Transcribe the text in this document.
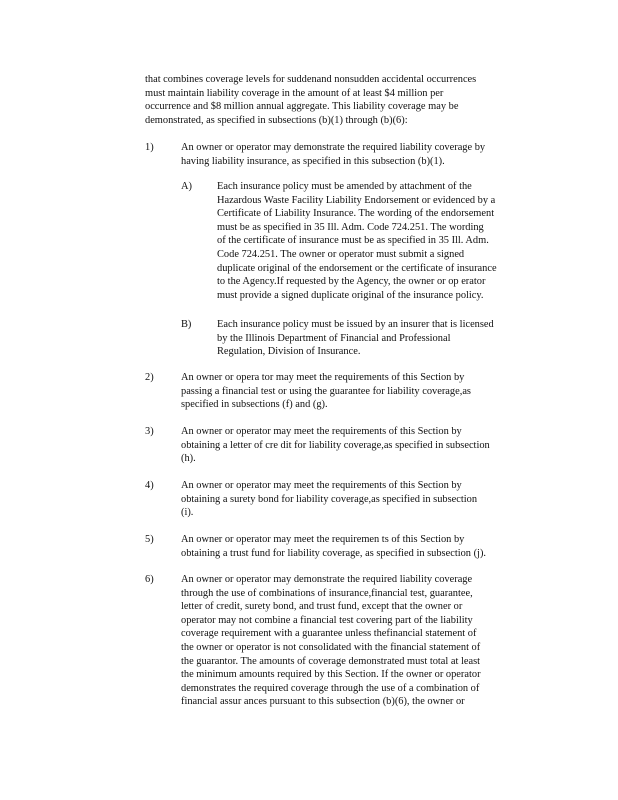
that combines coverage levels for suddenand nonsudden accidental occurrences
must maintain liability coverage in the amount of at least $4 million per
occurrence and $8 million annual aggregate. This liability coverage may be
demonstrated, as specified in subsections (b)(1) through (b)(6):
1)	An owner or operator may demonstrate the required liability coverage by
having liability insurance, as specified in this subsection (b)(1).
A)	Each insurance policy must be amended by attachment of the
Hazardous Waste Facility Liability Endorsement or evidenced by a
Certificate of Liability Insurance. The wording of the endorsement
must be as specified in 35 Ill. Adm. Code 724.251. The wording
of the certificate of insurance must be as specified in 35 Ill. Adm.
Code 724.251. The owner or operator must submit a signed
duplicate original of the endorsement or the certificate of insurance
to the Agency.If requested by the Agency, the owner or op erator
must provide a signed duplicate original of the insurance policy.
B)	Each insurance policy must be issued by an insurer that is licensed
by the Illinois Department of Financial and Professional
Regulation, Division of Insurance.
2)	An owner or opera tor may meet the requirements of this Section by
passing a financial test or using the guarantee for liability coverage,as
specified in subsections (f) and (g).
3)	An owner or operator may meet the requirements of this Section by
obtaining a letter of cre dit for liability coverage,as specified in subsection
(h).
4)	An owner or operator may meet the requirements of this Section by
obtaining a surety bond for liability coverage,as specified in subsection
(i).
5)	An owner or operator may meet the requiremen ts of this Section by
obtaining a trust fund for liability coverage, as specified in subsection (j).
6)	An owner or operator may demonstrate the required liability coverage
through the use of combinations of insurance,financial test, guarantee,
letter of credit, surety bond, and trust fund, except that the owner or
operator may not combine a financial test covering part of the liability
coverage requirement with a guarantee unless thefinancial statement of
the owner or operator is not consolidated with the financial statement of
the guarantor. The amounts of coverage demonstrated must total at least
the minimum amounts required by this Section. If the owner or operator
demonstrates the required coverage through the use of a combination of
financial assur ances pursuant to this subsection (b)(6), the owner or
